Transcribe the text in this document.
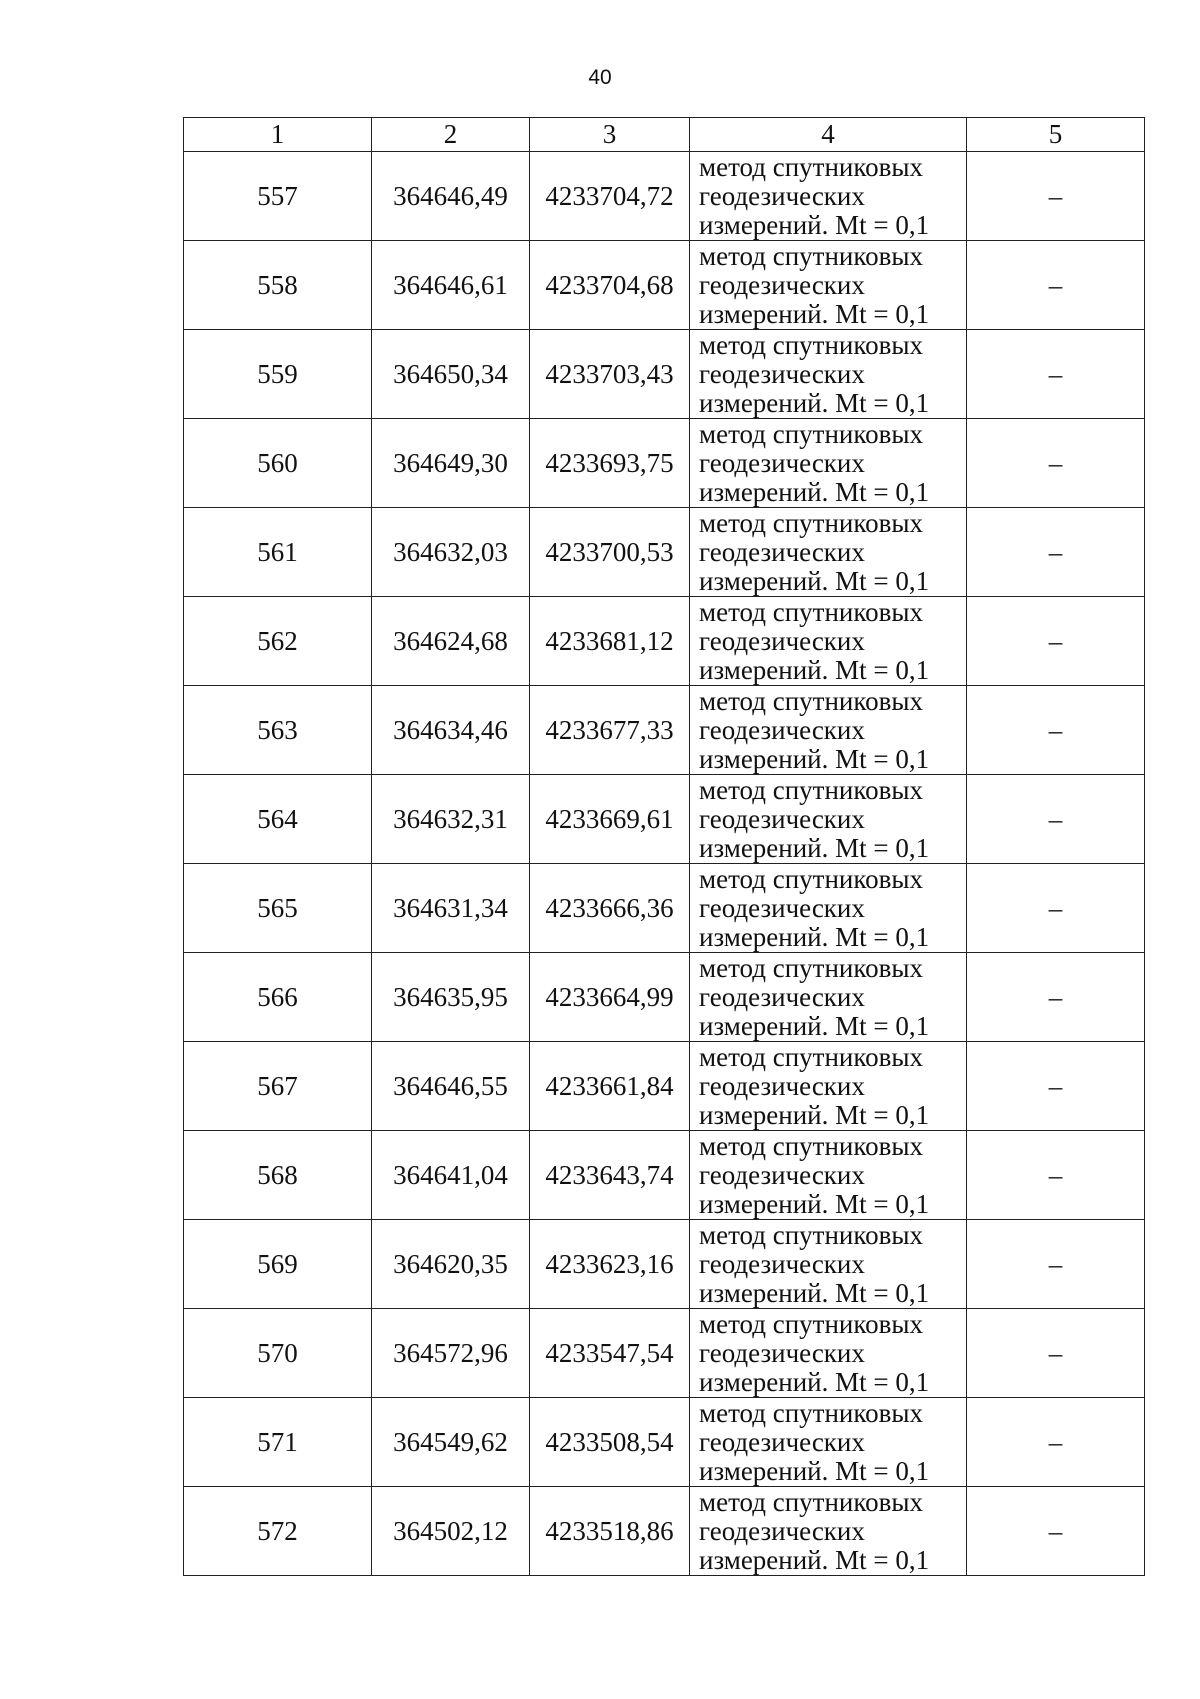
40
1	2	3	4	5
557	364646,49	4233704,72	метод спутниковых геодезических измерений. Mt = 0,1	–
558	364646,61	4233704,68	метод спутниковых геодезических измерений. Mt = 0,1	–
559	364650,34	4233703,43	метод спутниковых геодезических измерений. Mt = 0,1	–
560	364649,30	4233693,75	метод спутниковых геодезических измерений. Mt = 0,1	–
561	364632,03	4233700,53	метод спутниковых геодезических измерений. Mt = 0,1	–
562	364624,68	4233681,12	метод спутниковых геодезических измерений. Mt = 0,1	–
563	364634,46	4233677,33	метод спутниковых геодезических измерений. Mt = 0,1	–
564	364632,31	4233669,61	метод спутниковых геодезических измерений. Mt = 0,1	–
565	364631,34	4233666,36	метод спутниковых геодезических измерений. Mt = 0,1	–
566	364635,95	4233664,99	метод спутниковых геодезических измерений. Mt = 0,1	–
567	364646,55	4233661,84	метод спутниковых геодезических измерений. Mt = 0,1	–
568	364641,04	4233643,74	метод спутниковых геодезических измерений. Mt = 0,1	–
569	364620,35	4233623,16	метод спутниковых геодезических измерений. Mt = 0,1	–
570	364572,96	4233547,54	метод спутниковых геодезических измерений. Mt = 0,1	–
571	364549,62	4233508,54	метод спутниковых геодезических измерений. Mt = 0,1	–
572	364502,12	4233518,86	метод спутниковых геодезических измерений. Mt = 0,1	–
